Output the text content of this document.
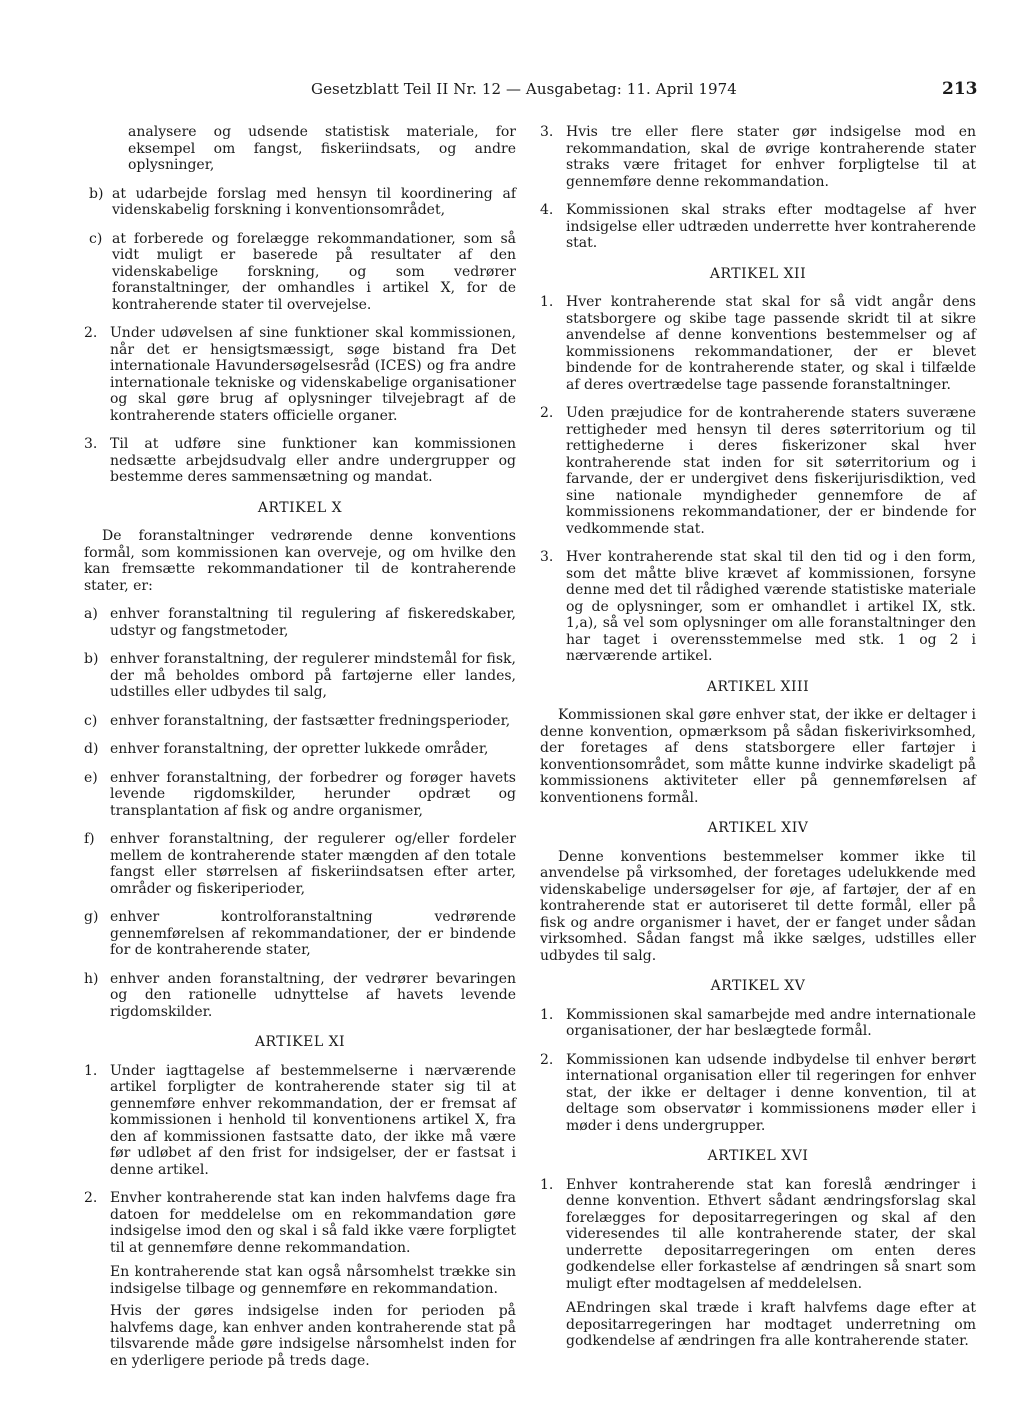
Gesetzblatt Teil II Nr. 12 — Ausgabetag: 11. April 1974	213
analysere og udsende statistisk materiale, for eksempel om fangst, fiskeriindsats, og andre oplysninger,
b) at udarbejde forslag med hensyn til koordinering af videnskabelig forskning i konventionsområdet,
c) at forberede og forelægge rekommandationer, som så vidt muligt er baserede på resultater af den videnskabelige forskning, og som vedrører foranstaltninger, der omhandles i artikel X, for de kontraherende stater til overvejelse.
2. Under udøvelsen af sine funktioner skal kommissionen, når det er hensigtsmæssigt, søge bistand fra Det internationale Havundersøgelsesråd (ICES) og fra andre internationale tekniske og videnskabelige organisationer og skal gøre brug af oplysninger tilvejebragt af de kontraherende staters officielle organer.
3. Til at udføre sine funktioner kan kommissionen nedsætte arbejdsudvalg eller andre undergrupper og bestemme deres sammensætning og mandat.
ARTIKEL X
De foranstaltninger vedrørende denne konventions formål, som kommissionen kan overveje, og om hvilke den kan fremsætte rekommandationer til de kontraherende stater, er:
a) enhver foranstaltning til regulering af fiskeredskaber, udstyr og fangstmetoder,
b) enhver foranstaltning, der regulerer mindstemål for fisk, der må beholdes ombord på fartøjerne eller landes, udstilles eller udbydes til salg,
c) enhver foranstaltning, der fastsætter fredningsperioder,
d) enhver foranstaltning, der opretter lukkede områder,
e) enhver foranstaltning, der forbedrer og forøger havets levende rigdomskilder, herunder opdræt og transplantation af fisk og andre organismer,
f)	enhver foranstaltning, der regulerer og/eller fordeler mellem de kontraherende stater mængden af den totale fangst eller størrelsen af fiskeriindsatsen efter arter, områder og fiskeriperioder,
g) enhver kontrolforanstaltning vedrørende gennemførelsen af rekommandationer, der er bindende for de kontraherende stater,
h) enhver anden foranstaltning, der vedrører bevaringen og den rationelle udnyttelse af havets levende rigdomskilder.
ARTIKEL XI
1. Under iagttagelse af bestemmelserne i nærværende artikel forpligter de kontraherende stater sig til at gennemføre enhver rekommandation, der er fremsat af kommissionen i henhold til konventionens artikel X, fra den af kommissionen fastsatte dato, der ikke må være før udløbet af den frist for indsigelser, der er fastsat i denne artikel.
2. Envher kontraherende stat kan inden halvfems dage fra datoen for meddelelse om en rekommandation gøre indsigelse imod den og skal i så fald ikke være forpligtet til at gennemføre denne rekommandation.
En kontraherende stat kan også nårsomhelst trække sin indsigelse tilbage og gennemføre en rekommandation.
Hvis der gøres indsigelse inden for perioden på halvfems dage, kan enhver anden kontraherende stat på tilsvarende måde gøre indsigelse nårsomhelst inden for en yderligere periode på treds dage.
3. Hvis tre eller flere stater gør indsigelse mod en rekommandation, skal de øvrige kontraherende stater straks være fritaget for enhver forpligtelse til at gennemføre denne rekommandation.
4. Kommissionen skal straks efter modtagelse af hver indsigelse eller udtræden underrette hver kontraherende stat.
ARTIKEL XII
1. Hver kontraherende stat skal for så vidt angår dens statsborgere og skibe tage passende skridt til at sikre anvendelse af denne konventions bestemmelser og af kommissionens rekommandationer, der er blevet bindende for de kontraherende stater, og skal i tilfælde af deres overtrædelse tage passende foranstaltninger.
2. Uden præjudice for de kontraherende staters suveræne rettigheder med hensyn til deres søterritorium og til rettighederne i deres fiskerizoner skal hver kontraherende stat inden for sit søterritorium og i farvande, der er undergivet dens fiskerijurisdiktion, ved sine nationale myndigheder gennemfore de af kommissionens rekommandationer, der er bindende for vedkommende stat.
3. Hver kontraherende stat skal til den tid og i den form, som det måtte blive krævet af kommissionen, forsyne denne med det til rådighed værende statistiske materiale og de oplysninger, som er omhandlet i artikel IX, stk. 1,a), så vel som oplysninger om alle foranstaltninger den har taget i overensstemmelse med stk. 1 og 2 i nærværende artikel.
ARTIKEL XIII
Kommissionen skal gøre enhver stat, der ikke er deltager i denne konvention, opmærksom på sådan fiskerivirksomhed, der foretages af dens statsborgere eller fartøjer i konventionsområdet, som måtte kunne indvirke skadeligt på kommissionens aktiviteter eller på gennemførelsen af konventionens formål.
ARTIKEL XIV
Denne konventions bestemmelser kommer ikke til anvendelse på virksomhed, der foretages udelukkende med videnskabelige undersøgelser for øje, af fartøjer, der af en kontraherende stat er autoriseret til dette formål, eller på fisk og andre organismer i havet, der er fanget under sådan virksomhed. Sådan fangst må ikke sælges, udstilles eller udbydes til salg.
ARTIKEL XV
1. Kommissionen skal samarbejde med andre internationale organisationer, der har beslægtede formål.
2. Kommissionen kan udsende indbydelse til enhver berørt international organisation eller til regeringen for enhver stat, der ikke er deltager i denne konvention, til at deltage som observatør i kommissionens møder eller i møder i dens undergrupper.
ARTIKEL XVI
1. Enhver kontraherende stat kan foreslå ændringer i denne konvention. Ethvert sådant ændringsforslag skal forelægges for depositarregeringen og skal af den videresendes til alle kontraherende stater, der skal underrette depositarregeringen om enten deres godkendelse eller forkastelse af ændringen så snart som muligt efter modtagelsen af meddelelsen.
AEndringen skal træde i kraft halvfems dage efter at depositarregeringen har modtaget underretning om godkendelse af ændringen fra alle kontraherende stater.
